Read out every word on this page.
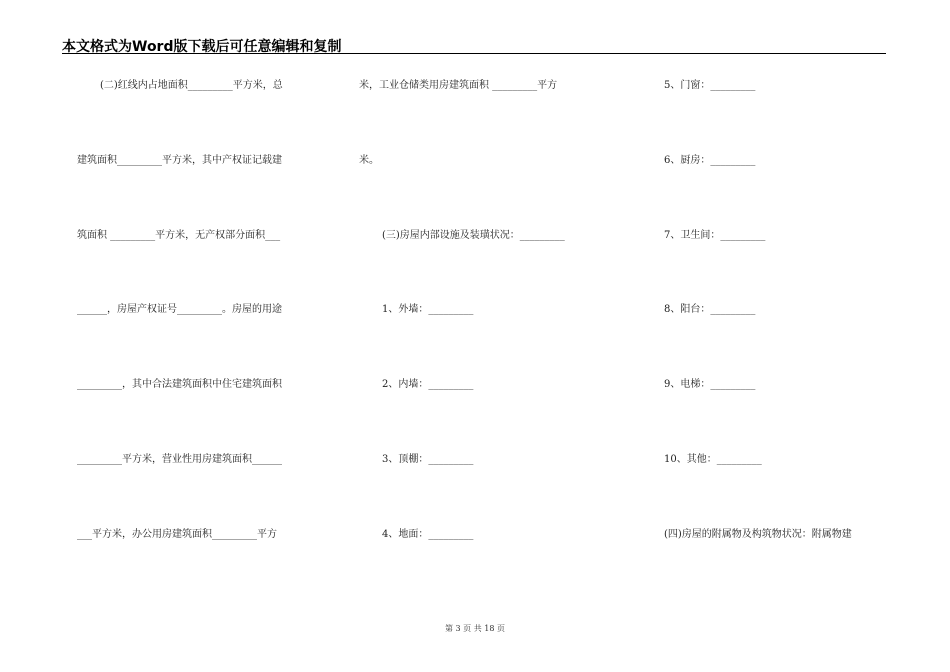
本文格式为Word版下载后可任意编辑和复制
(二)红线内占地面积_________平方米，总
建筑面积_________平方米，其中产权证记载建
筑面积 _________平方米，无产权部分面积___
______，房屋产权证号_________。房屋的用途
_________，其中合法建筑面积中住宅建筑面积
_________平方米，营业性用房建筑面积______
___平方米，办公用房建筑面积_________平方
米，工业仓储类用房建筑面积 _________平方
米。
(三)房屋内部设施及装璜状况：_________
1、外墙：_________
2、内墙：_________
3、顶棚：_________
4、地面：_________
5、门窗：_________
6、厨房：_________
7、卫生间：_________
8、阳台：_________
9、电梯：_________
10、其他：_________
(四)房屋的附属物及构筑物状况：附属物建
第 3 页 共 18 页
